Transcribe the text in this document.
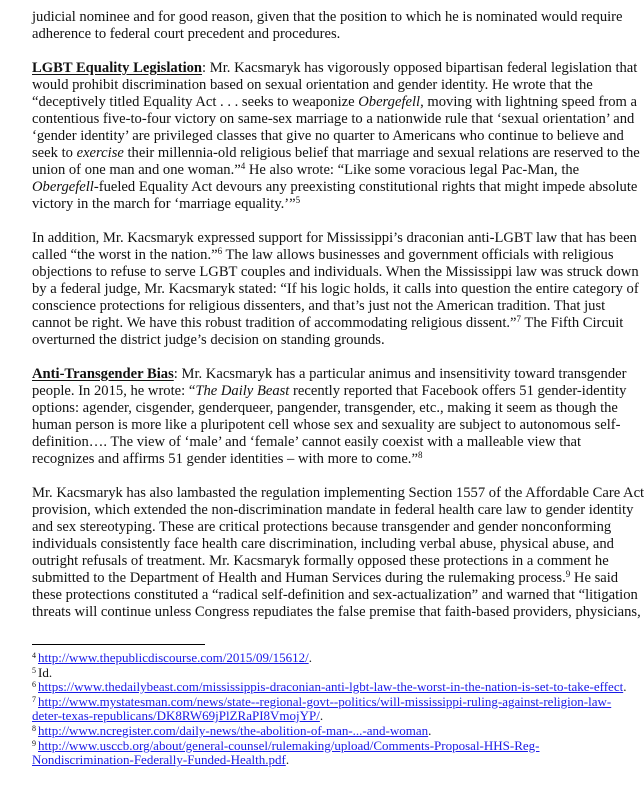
judicial nominee and for good reason, given that the position to which he is nominated would require
adherence to federal court precedent and procedures.

LGBT Equality Legislation: Mr. Kacsmaryk has vigorously opposed bipartisan federal legislation that
would prohibit discrimination based on sexual orientation and gender identity. He wrote that the
“deceptively titled Equality Act . . . seeks to weaponize Obergefell, moving with lightning speed from a
contentious five-to-four victory on same-sex marriage to a nationwide rule that ‘sexual orientation’ and
‘gender identity’ are privileged classes that give no quarter to Americans who continue to believe and
seek to exercise their millennia-old religious belief that marriage and sexual relations are reserved to the
union of one man and one woman.”$^4$ He also wrote: “Like some voracious legal Pac-Man, the
Obergefell-fueled Equality Act devours any preexisting constitutional rights that might impede absolute
victory in the march for ‘marriage equality.’”$^5$

In addition, Mr. Kacsmaryk expressed support for Mississippi’s draconian anti-LGBT law that has been
called “the worst in the nation.”$^6$ The law allows businesses and government officials with religious
objections to refuse to serve LGBT couples and individuals. When the Mississippi law was struck down
by a federal judge, Mr. Kacsmaryk stated: “If his logic holds, it calls into question the entire category of
conscience protections for religious dissenters, and that’s just not the American tradition. That just
cannot be right. We have this robust tradition of accommodating religious dissent.”$^7$ The Fifth Circuit
overturned the district judge’s decision on standing grounds.

Anti-Transgender Bias: Mr. Kacsmaryk has a particular animus and insensitivity toward transgender
people. In 2015, he wrote: “The Daily Beast recently reported that Facebook offers 51 gender-identity
options: agender, cisgender, genderqueer, pangender, transgender, etc., making it seem as though the
human person is more like a pluripotent cell whose sex and sexuality are subject to autonomous self-
definition…. The view of ‘male’ and ‘female’ cannot easily coexist with a malleable view that
recognizes and affirms 51 gender identities – with more to come.”$^8$

Mr. Kacsmaryk has also lambasted the regulation implementing Section 1557 of the Affordable Care Act
provision, which extended the non-discrimination mandate in federal health care law to gender identity
and sex stereotyping. These are critical protections because transgender and gender nonconforming
individuals consistently face health care discrimination, including verbal abuse, physical abuse, and
outright refusals of treatment. Mr. Kacsmaryk formally opposed these protections in a comment he
submitted to the Department of Health and Human Services during the rulemaking process.$^9$ He said
these protections constituted a “radical self-definition and sex-actualization” and warned that “litigation
threats will continue unless Congress repudiates the false premise that faith-based providers, physicians,

$^4$ http://www.thepublicdiscourse.com/2015/09/15612/.
$^5$ Id.
$^6$ https://www.thedailybeast.com/mississippis-draconian-anti-lgbt-law-the-worst-in-the-nation-is-set-to-take-effect.
$^7$ http://www.mystatesman.com/news/state--regional-govt--politics/will-mississippi-ruling-against-religion-law-
deter-texas-republicans/DK8RW69jPlZRaPI8VmojYP/.
$^8$ http://www.ncregister.com/daily-news/the-abolition-of-man-...-and-woman.
$^9$ http://www.usccb.org/about/general-counsel/rulemaking/upload/Comments-Proposal-HHS-Reg-
Nondiscrimination-Federally-Funded-Health.pdf.
